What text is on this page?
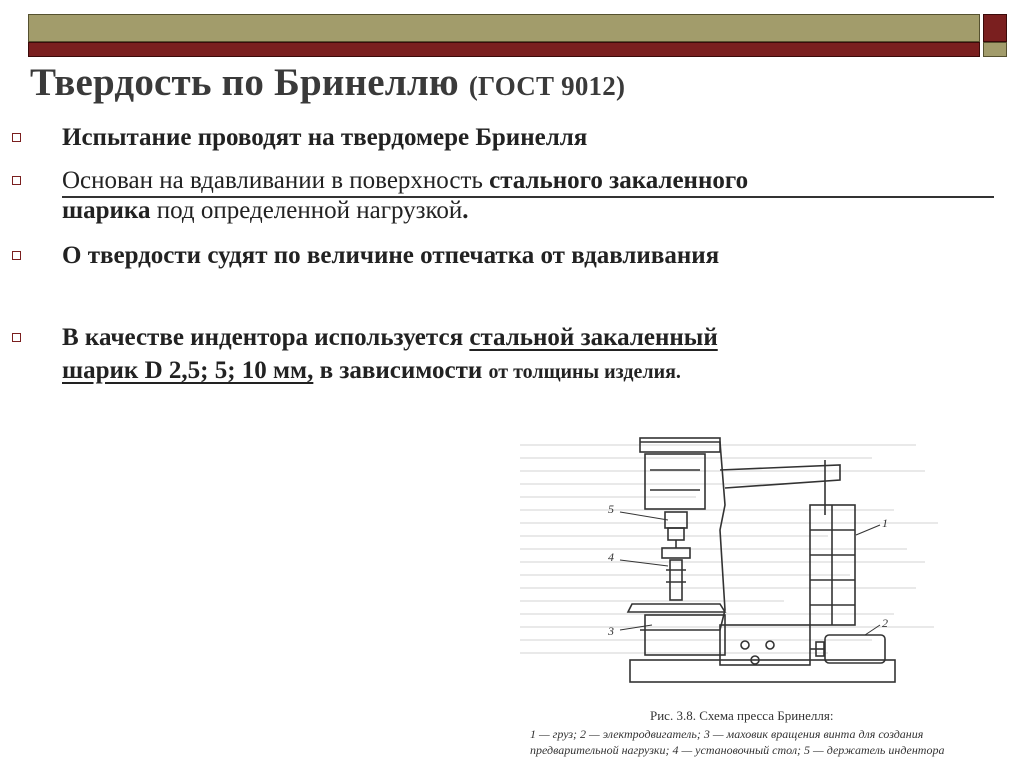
Твердость по Бринеллю (ГОСТ 9012)
Испытание проводят на твердомере Бринелля
Основан на вдавливании в поверхность стального закаленного
шарика под определенной нагрузкой.
О твердости судят по величине отпечатка от вдавливания
В качестве индентора используется стальной закаленный
шарик D 2,5; 5; 10 мм, в зависимости от толщины изделия.
5
4
3
1
2
Рис. 3.8. Схема пресса Бринелля:
1 — груз; 2 — электродвигатель; 3 — маховик вращения винта для создания предварительной нагрузки; 4 — установочный стол; 5 — держатель индентора
